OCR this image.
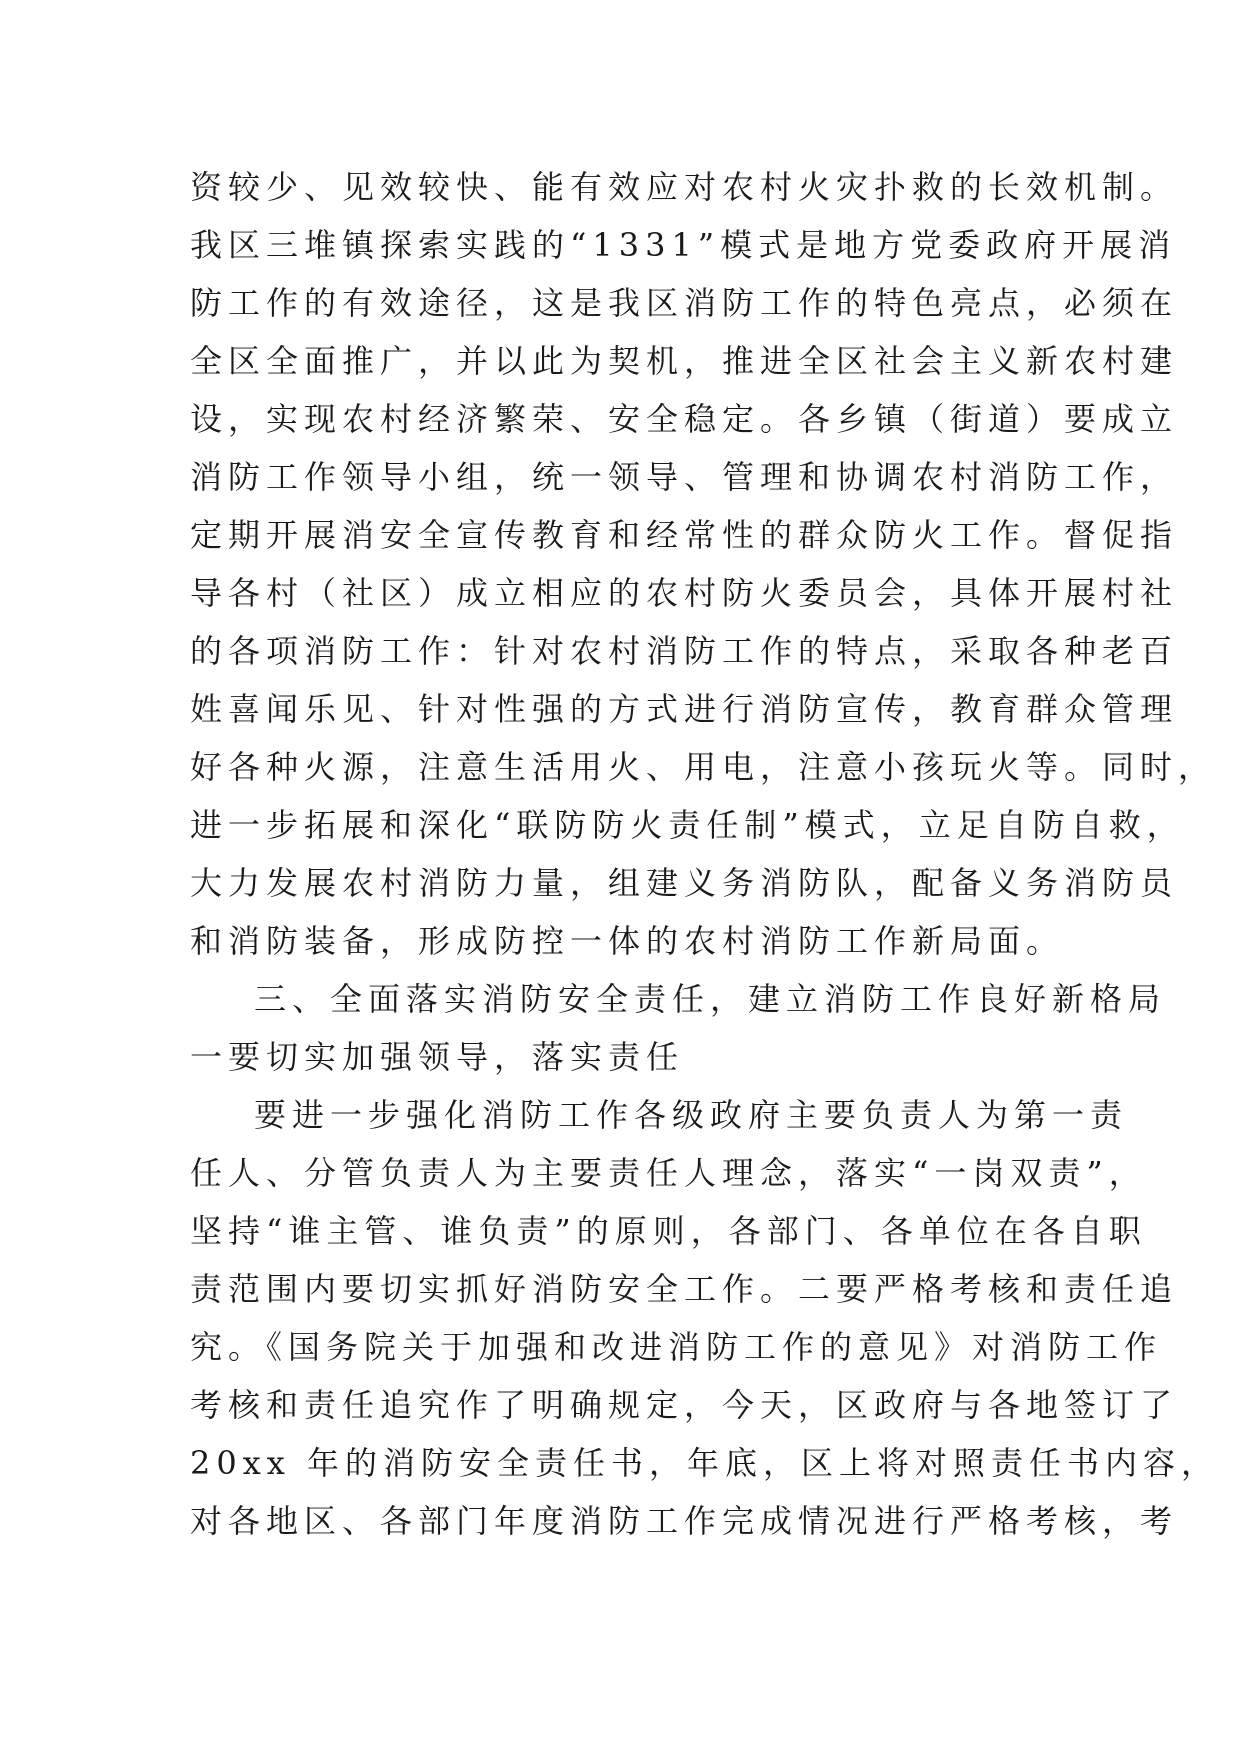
资较少、见效较快、能有效应对农村火灾扑救的长效机制。
我区三堆镇探索实践的“1331”模式是地方党委政府开展消
防工作的有效途径，这是我区消防工作的特色亮点，必须在
全区全面推广，并以此为契机，推进全区社会主义新农村建
设，实现农村经济繁荣、安全稳定。各乡镇（街道）要成立
消防工作领导小组，统一领导、管理和协调农村消防工作，
定期开展消安全宣传教育和经常性的群众防火工作。督促指
导各村（社区）成立相应的农村防火委员会，具体开展村社
的各项消防工作：针对农村消防工作的特点，采取各种老百
姓喜闻乐见、针对性强的方式进行消防宣传，教育群众管理
好各种火源，注意生活用火、用电，注意小孩玩火等。同时，
进一步拓展和深化“联防防火责任制”模式，立足自防自救，
大力发展农村消防力量，组建义务消防队，配备义务消防员
和消防装备，形成防控一体的农村消防工作新局面。
三、全面落实消防安全责任，建立消防工作良好新格局
一要切实加强领导，落实责任
要进一步强化消防工作各级政府主要负责人为第一责
任人、分管负责人为主要责任人理念，落实“一岗双责”，
坚持“谁主管、谁负责”的原则，各部门、各单位在各自职
责范围内要切实抓好消防安全工作。二要严格考核和责任追
究。《国务院关于加强和改进消防工作的意见》对消防工作
考核和责任追究作了明确规定，今天，区政府与各地签订了
20xx 年的消防安全责任书，年底，区上将对照责任书内容，
对各地区、各部门年度消防工作完成情况进行严格考核，考
